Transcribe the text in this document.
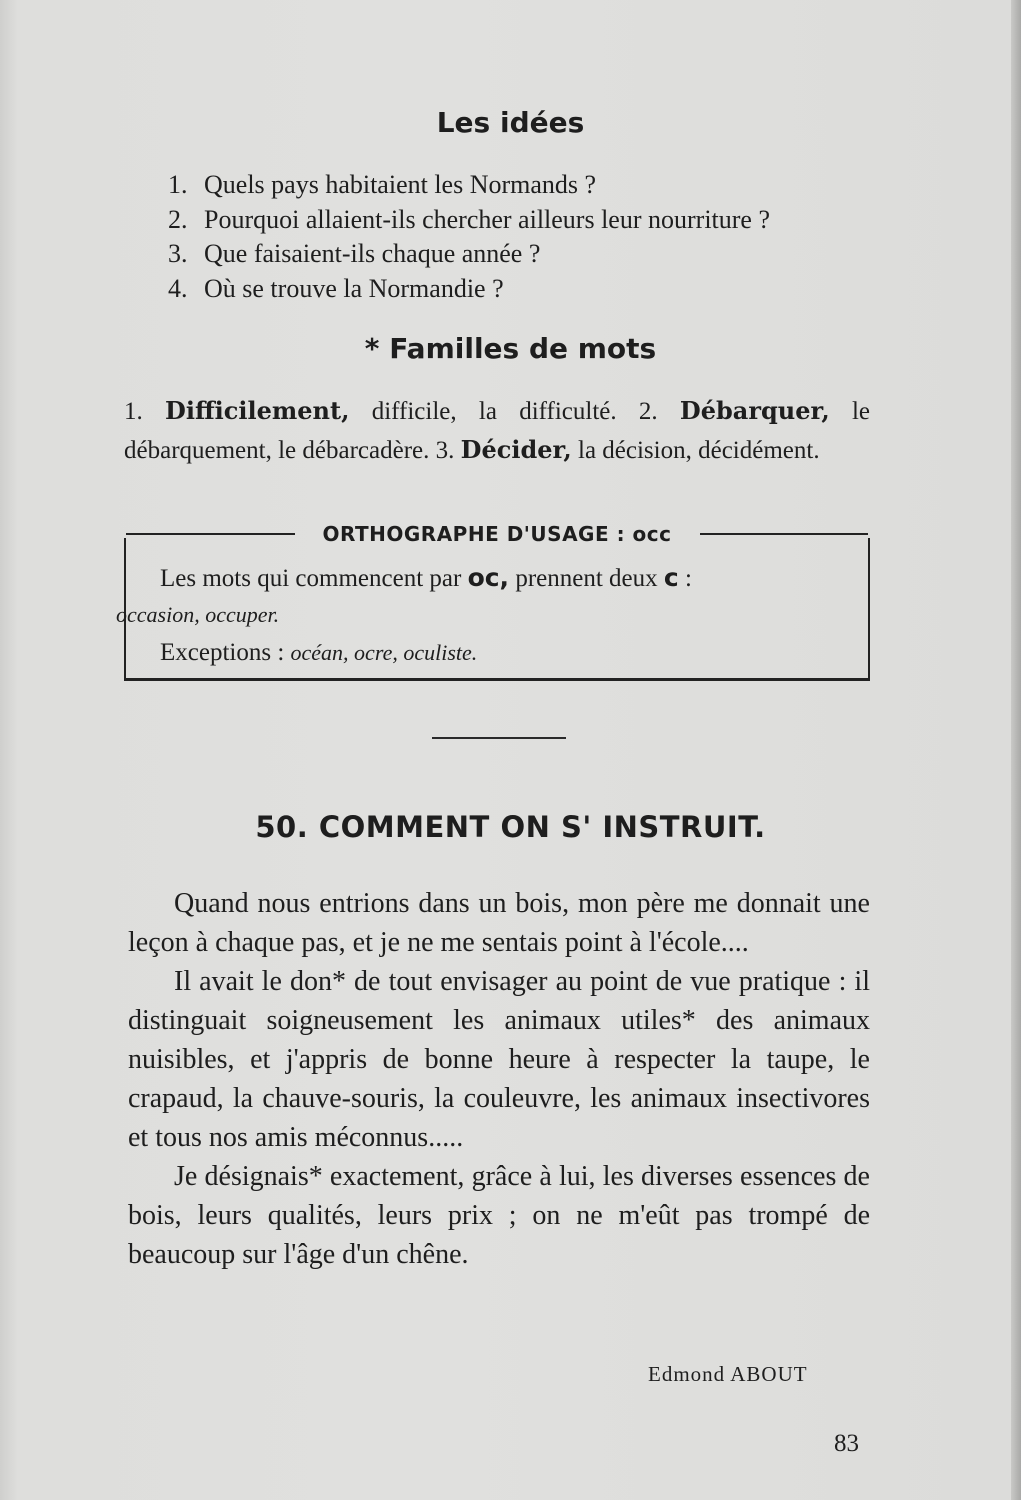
Les idées
1. Quels pays habitaient les Normands ?
2. Pourquoi allaient-ils chercher ailleurs leur nourriture ?
3. Que faisaient-ils chaque année ?
4. Où se trouve la Normandie ?
* Familles de mots
1. Difficilement, difficile, la difficulté. 2. Débarquer, le débarquement, le débarcadère. 3. Décider, la décision, décidément.
ORTHOGRAPHE D'USAGE : occ
Les mots qui commencent par oc, prennent deux c :
occasion, occuper.
Exceptions : océan, ocre, oculiste.
50. COMMENT ON S' INSTRUIT.

Quand nous entrions dans un bois, mon père me donnait une leçon à chaque pas, et je ne me sentais point à l'école....

Il avait le don* de tout envisager au point de vue pratique : il distinguait soigneusement les animaux utiles* des animaux nuisibles, et j'appris de bonne heure à respecter la taupe, le crapaud, la chauve-souris, la couleuvre, les animaux insectivores et tous nos amis méconnus.....

Je désignais* exactement, grâce à lui, les diverses essences de bois, leurs qualités, leurs prix ; on ne m'eût pas trompé de beaucoup sur l'âge d'un chêne.

Edmond ABOUT
83
